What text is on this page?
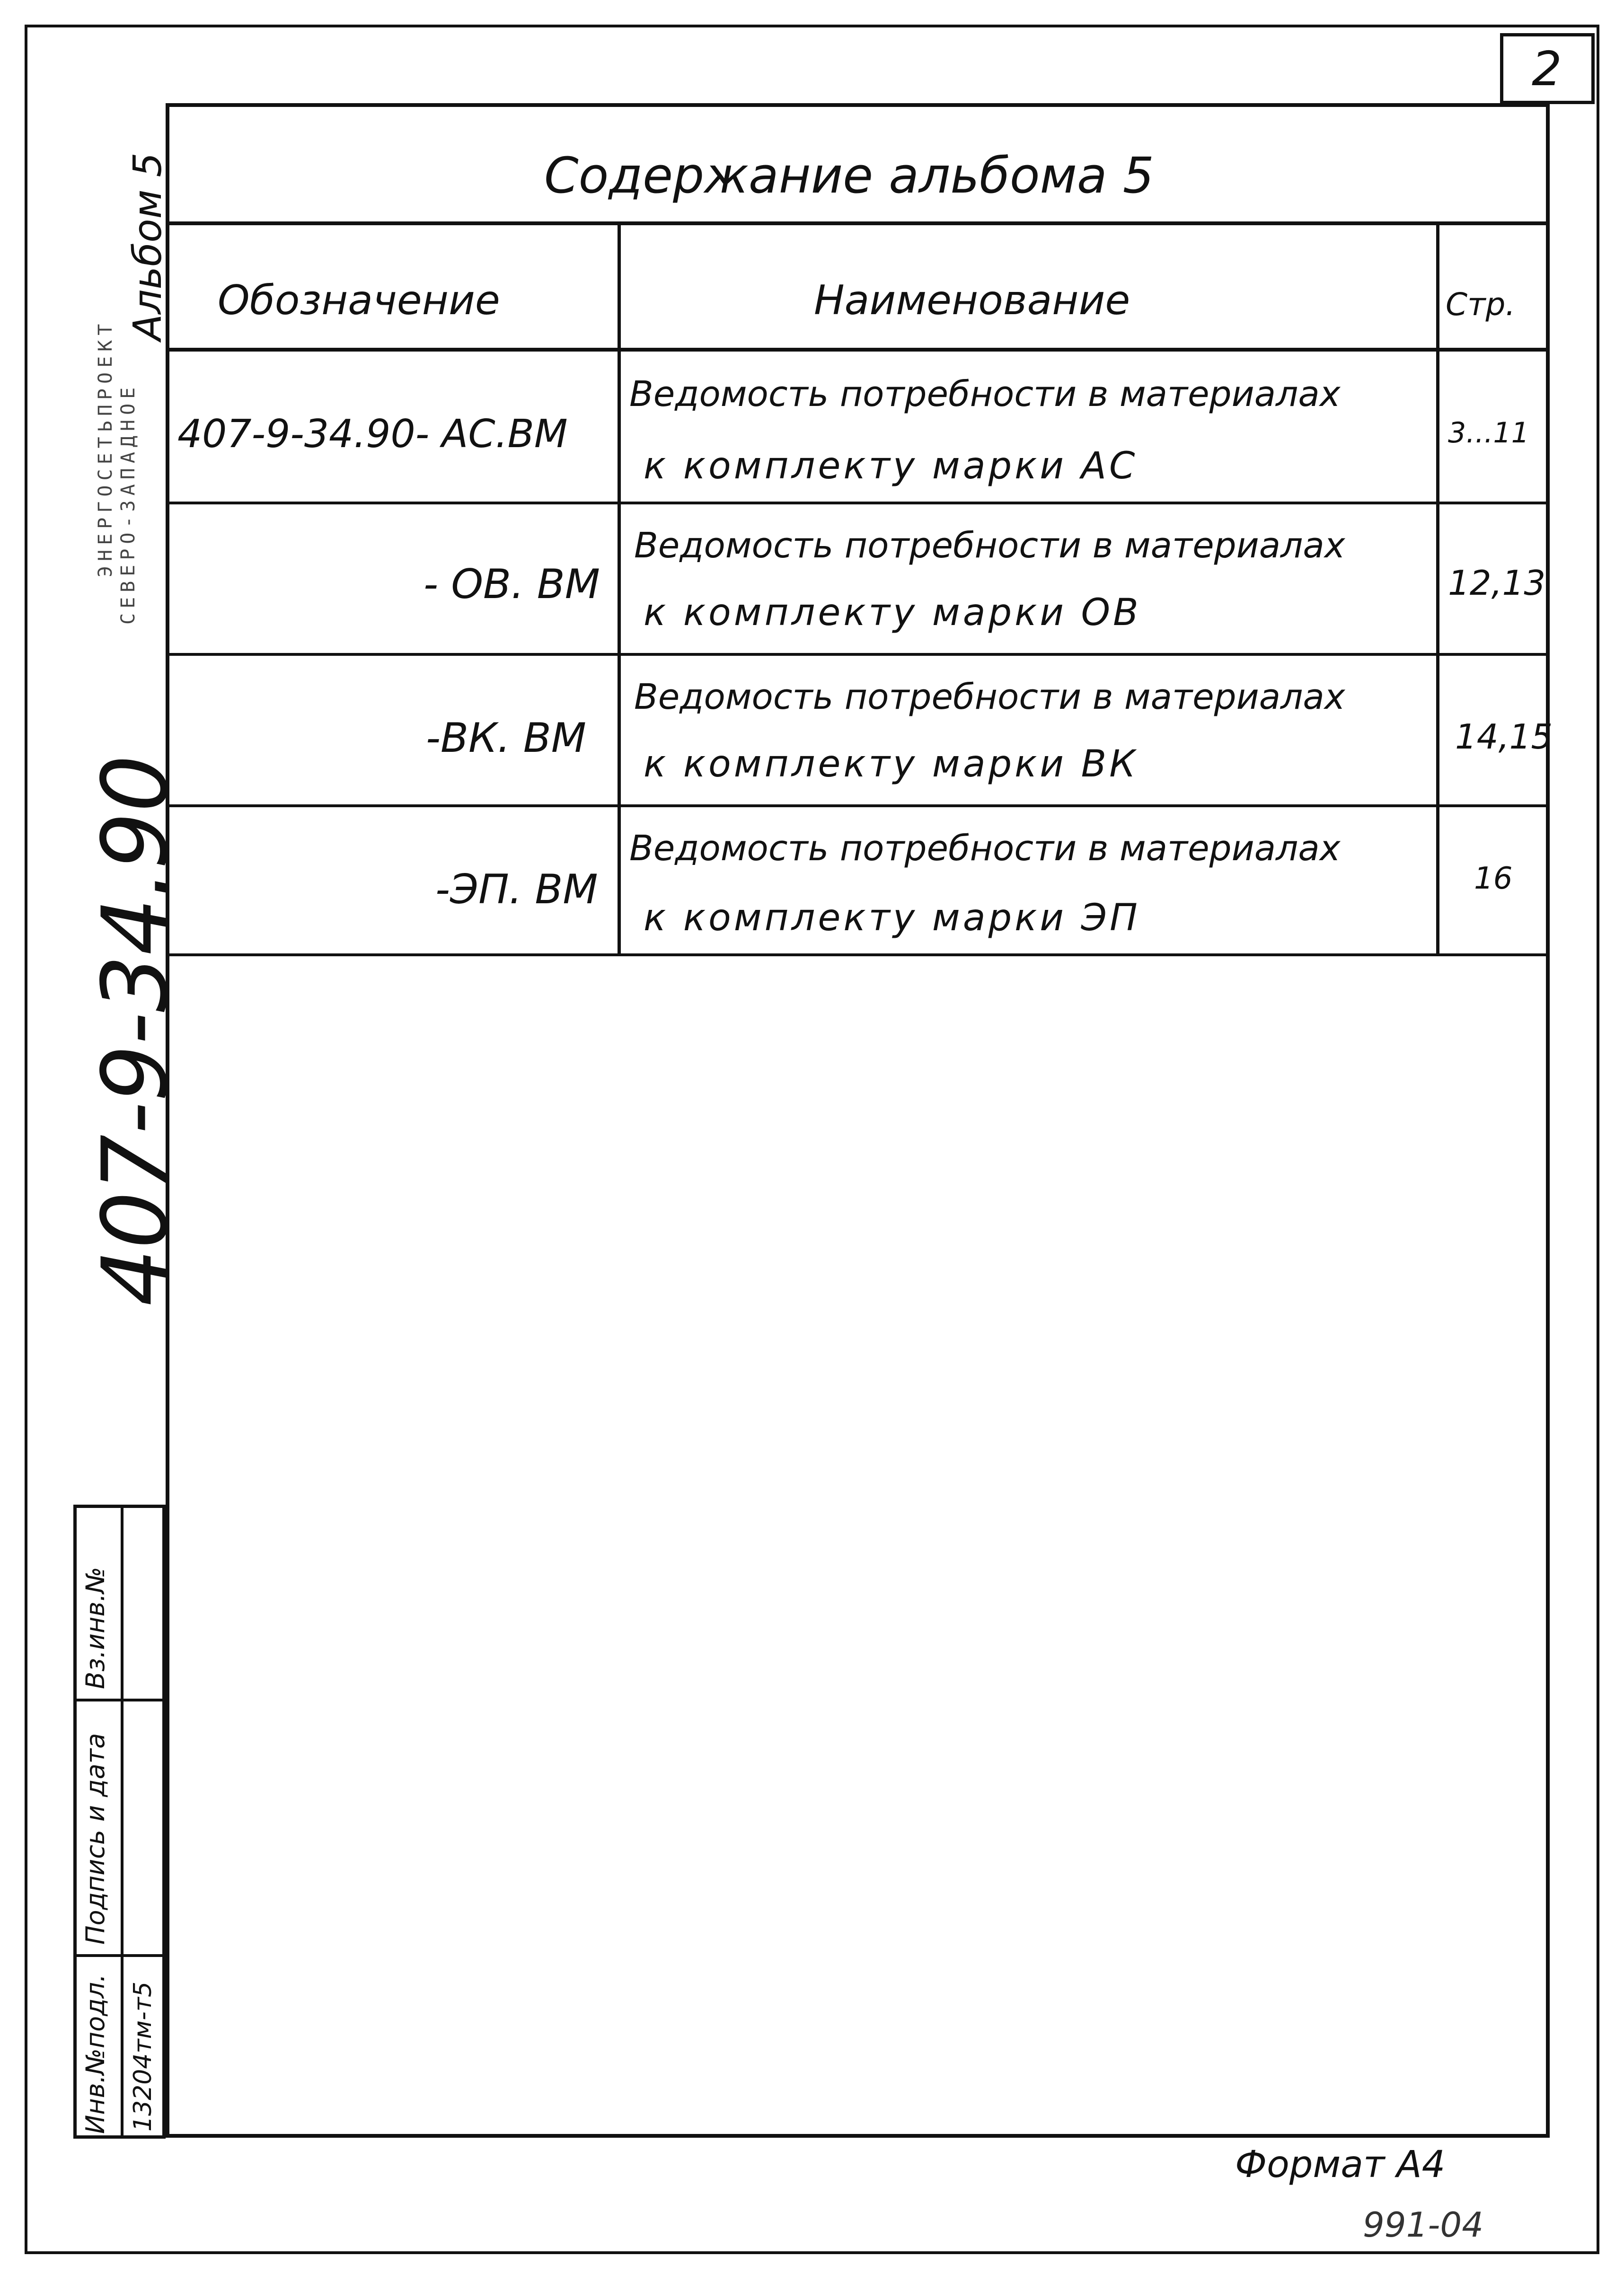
2
Содержание альбома 5
Обозначение	Наименование	Стр.
407-9-34.90- АС.ВМ
Ведомость потребности в материалах
к комплекту марки АС
3...11
- ОВ. ВМ
Ведомость потребности в материалах
к комплекту марки ОВ
12,13
-ВК. ВМ
Ведомость потребности в материалах
к комплекту марки ВК
14,15
-ЭП. ВМ
Ведомость потребности в материалах
к комплекту марки ЭП
16
407-9-34.90
Альбом 5
СЕВЕРО-ЗАПАДНОЕ
ЭНЕРГОСЕТЬПРОЕКТ
Вз.инв.№
Подпись и дата
Инв.№подл. 13204тм-т5
Формат А4
991-04
